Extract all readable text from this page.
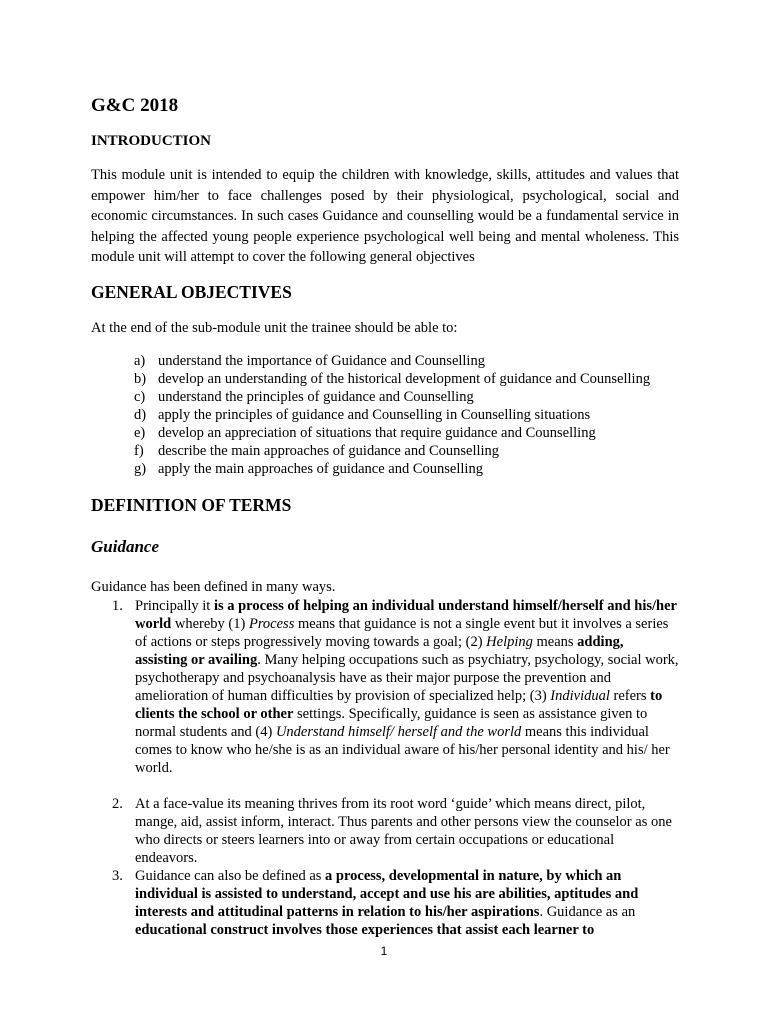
G&C 2018
INTRODUCTION

This module unit is intended to equip the children with knowledge, skills, attitudes and values that empower him/her to face challenges posed by their physiological, psychological, social and economic circumstances. In such cases Guidance and counselling would be a fundamental service in helping the affected young people experience psychological well being and mental wholeness. This module unit will attempt to cover the following general objectives

GENERAL OBJECTIVES

At the end of the sub-module unit the trainee should be able to:

a) understand the importance of Guidance and Counselling
b) develop an understanding of the historical development of guidance and Counselling
c) understand the principles of guidance and Counselling
d) apply the principles of guidance and Counselling in Counselling situations
e) develop an appreciation of situations that require guidance and Counselling
f) describe the main approaches of guidance and Counselling
g) apply the main approaches of guidance and Counselling
DEFINITION OF TERMS
Guidance

Guidance has been defined in many ways.

1. Principally it is a process of helping an individual understand himself/herself and his/her world whereby (1) Process means that guidance is not a single event but it involves a series of actions or steps progressively moving towards a goal; (2) Helping means adding, assisting or availing. Many helping occupations such as psychiatry, psychology, social work, psychotherapy and psychoanalysis have as their major purpose the prevention and amelioration of human difficulties by provision of specialized help; (3) Individual refers to clients the school or other settings. Specifically, guidance is seen as assistance given to normal students and (4) Understand himself/ herself and the world means this individual comes to know who he/she is as an individual aware of his/her personal identity and his/ her world.
2. At a face-value its meaning thrives from its root word ‘guide’ which means direct, pilot, mange, aid, assist inform, interact. Thus parents and other persons view the counselor as one who directs or steers learners into or away from certain occupations or educational endeavors.
3. Guidance can also be defined as a process, developmental in nature, by which an individual is assisted to understand, accept and use his are abilities, aptitudes and interests and attitudinal patterns in relation to his/her aspirations. Guidance as an educational construct involves those experiences that assist each learner to
1
